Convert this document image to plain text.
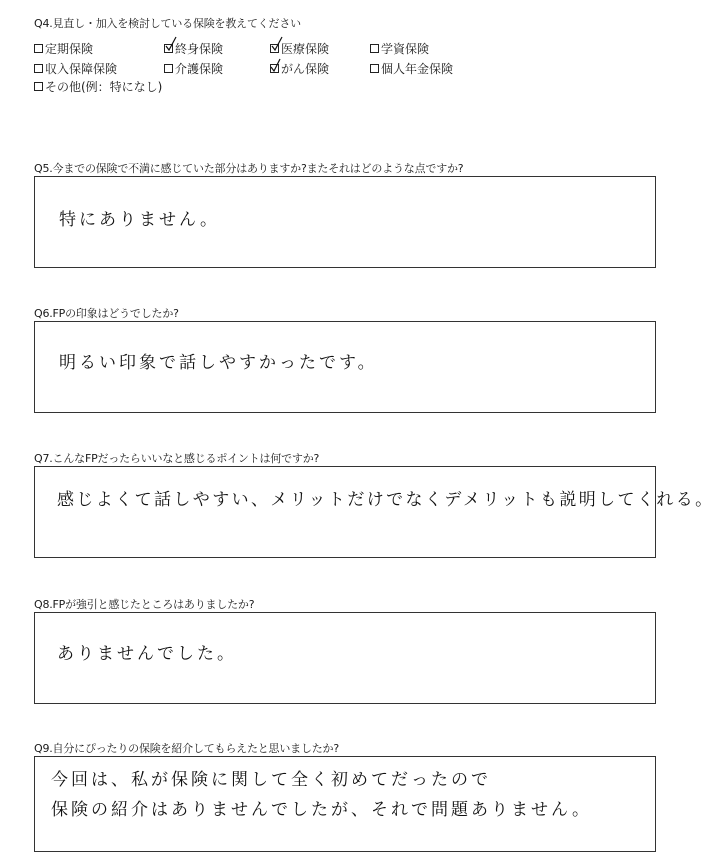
Q4.見直し・加入を検討している保険を教えてください
定期保険	終身保険	医療保険	学資保険
収入保障保険	介護保険	がん保険	個人年金保険
その他(例：特になし)
Q5.今までの保険で不満に感じていた部分はありますか?またそれはどのような点ですか?
特にありません。
Q6.FPの印象はどうでしたか?
明るい印象で話しやすかったです。
Q7.こんなFPだったらいいなと感じるポイントは何ですか?
感じよくて話しやすい、メリットだけでなくデメリットも説明してくれる。
Q8.FPが強引と感じたところはありましたか?
ありませんでした。
Q9.自分にぴったりの保険を紹介してもらえたと思いましたか?
今回は、私が保険に関して全く初めてだったので
保険の紹介はありませんでしたが、それで問題ありません。
